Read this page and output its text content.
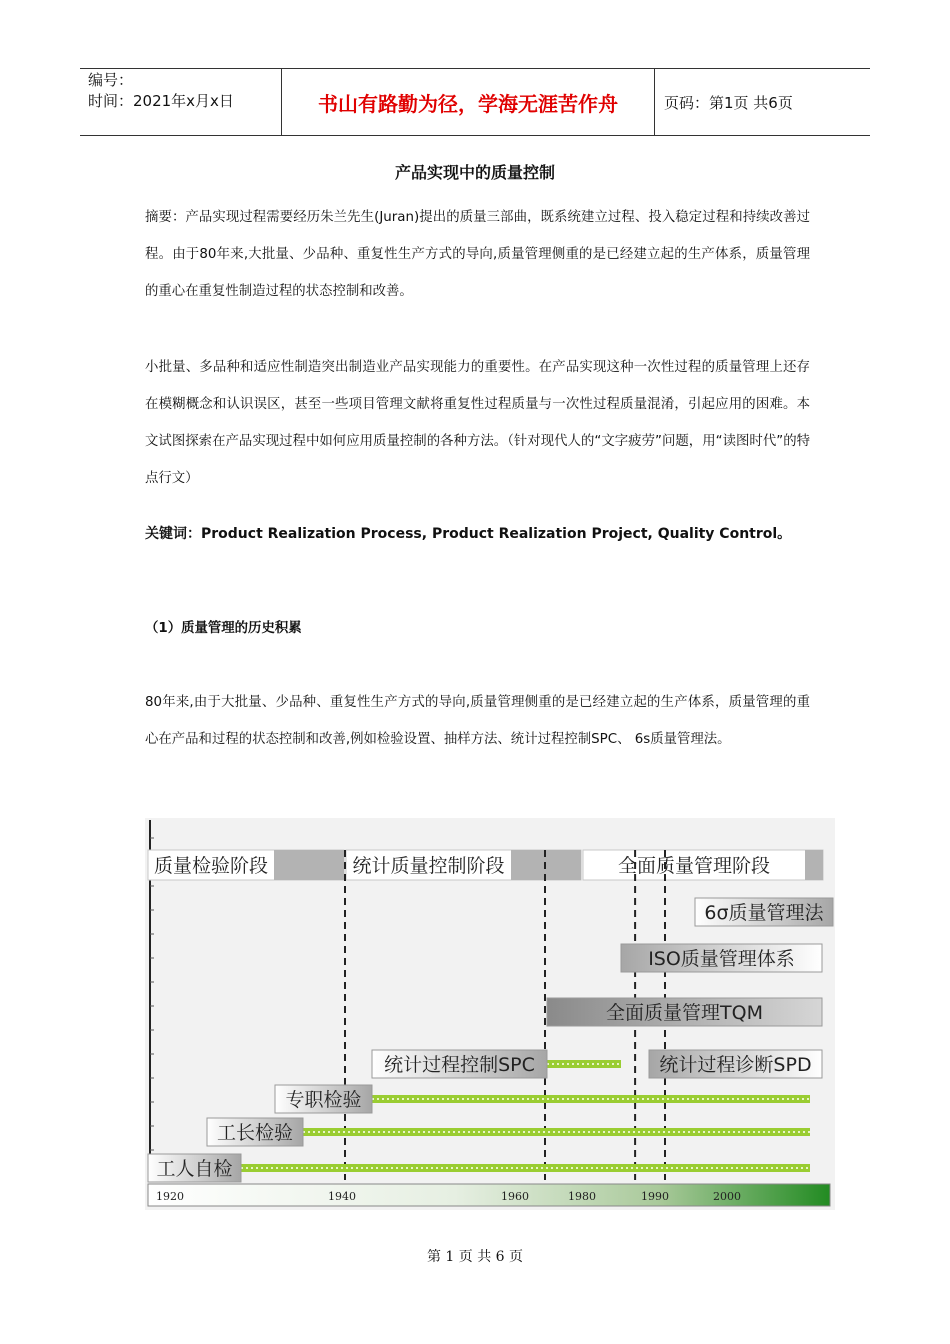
编号：
时间：2021年x月x日	书山有路勤为径，学海无涯苦作舟	页码：第1页 共6页
产品实现中的质量控制
摘要：产品实现过程需要经历朱兰先生(Juran)提出的质量三部曲，既系统建立过程、投入稳定过程和持续改善过程。由于80年来,大批量、少品种、重复性生产方式的导向,质量管理侧重的是已经建立起的生产体系，质量管理的重心在重复性制造过程的状态控制和改善。
小批量、多品种和适应性制造突出制造业产品实现能力的重要性。在产品实现这种一次性过程的质量管理上还存在模糊概念和认识误区，甚至一些项目管理文献将重复性过程质量与一次性过程质量混淆，引起应用的困难。本文试图探索在产品实现过程中如何应用质量控制的各种方法。（针对现代人的“文字疲劳”问题，用“读图时代”的特点行文）
关键词：Product Realization Process, Product Realization Project, Quality Control。
（1）质量管理的历史积累
80年来,由于大批量、少品种、重复性生产方式的导向,质量管理侧重的是已经建立起的生产体系，质量管理的重心在产品和过程的状态控制和改善,例如检验设置、抽样方法、统计过程控制SPC、 6s质量管理法。
质量检验阶段	统计质量控制阶段	全面质量管理阶段
6σ质量管理法
ISO质量管理体系
全面质量管理TQM
统计过程控制SPC	统计过程诊断SPD
专职检验
工长检验
工人自检
1920	1940	1960	1980	1990	2000
第 1 页 共 6 页
